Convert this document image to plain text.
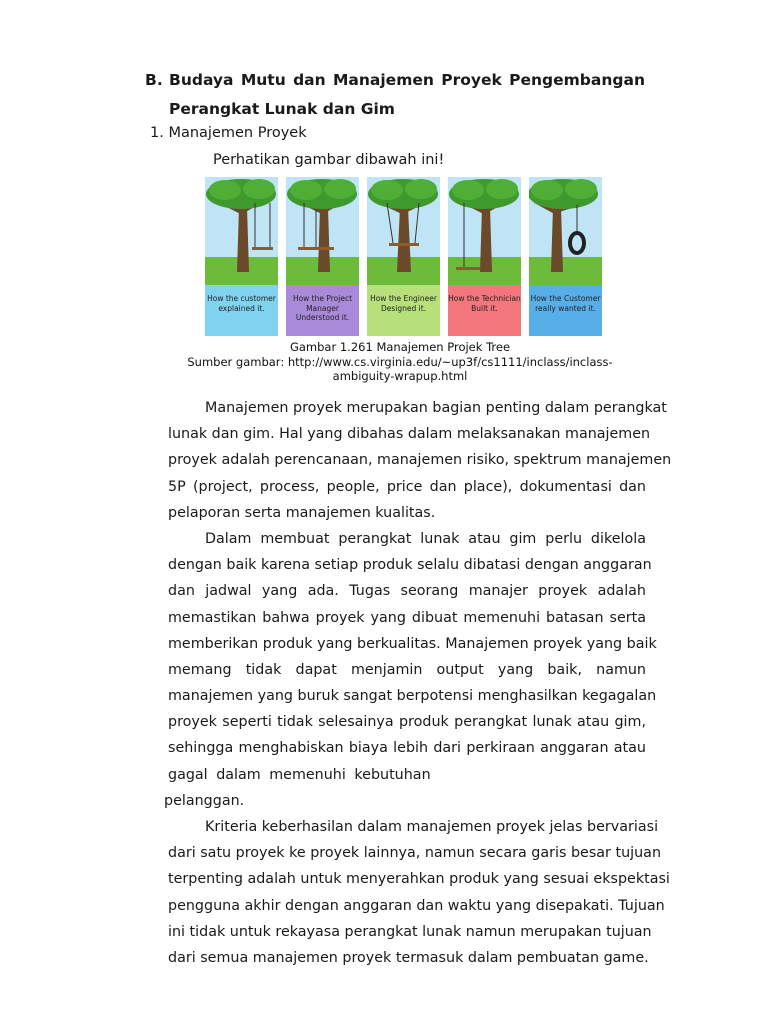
B. Budaya Mutu dan Manajemen Proyek Pengembangan
Perangkat Lunak dan Gim
1. Manajemen Proyek
Perhatikan gambar dibawah ini!
How the customer explained it.
How the Project Manager Understood it.
How the Engineer Designed it.
How the Technician Built it.
How the Customer really wanted it.
Gambar 1.261 Manajemen Projek Tree
Sumber gambar: http://www.cs.virginia.edu/~up3f/cs1111/inclass/inclass-
ambiguity-wrapup.html
Manajemen proyek merupakan bagian penting dalam perangkat
lunak dan gim. Hal yang dibahas dalam melaksanakan manajemen
proyek adalah perencanaan, manajemen risiko, spektrum manajemen
5P (project, process, people, price dan place), dokumentasi dan
pelaporan serta manajemen kualitas.
Dalam membuat perangkat lunak atau gim perlu dikelola
dengan baik karena setiap produk selalu dibatasi dengan anggaran
dan jadwal yang ada. Tugas seorang manajer proyek adalah
memastikan bahwa proyek yang dibuat memenuhi batasan serta
memberikan produk yang berkualitas. Manajemen proyek yang baik
memang tidak dapat menjamin output yang baik, namun
manajemen yang buruk sangat berpotensi menghasilkan kegagalan
proyek seperti tidak selesainya produk perangkat lunak atau gim,
sehingga menghabiskan biaya lebih dari perkiraan anggaran atau
gagal dalam memenuhi kebutuhan
pelanggan.
Kriteria keberhasilan dalam manajemen proyek jelas bervariasi
dari satu proyek ke proyek lainnya, namun secara garis besar tujuan
terpenting adalah untuk menyerahkan produk yang sesuai ekspektasi
pengguna akhir dengan anggaran dan waktu yang disepakati. Tujuan
ini tidak untuk rekayasa perangkat lunak namun merupakan tujuan
dari semua manajemen proyek termasuk dalam pembuatan game.
